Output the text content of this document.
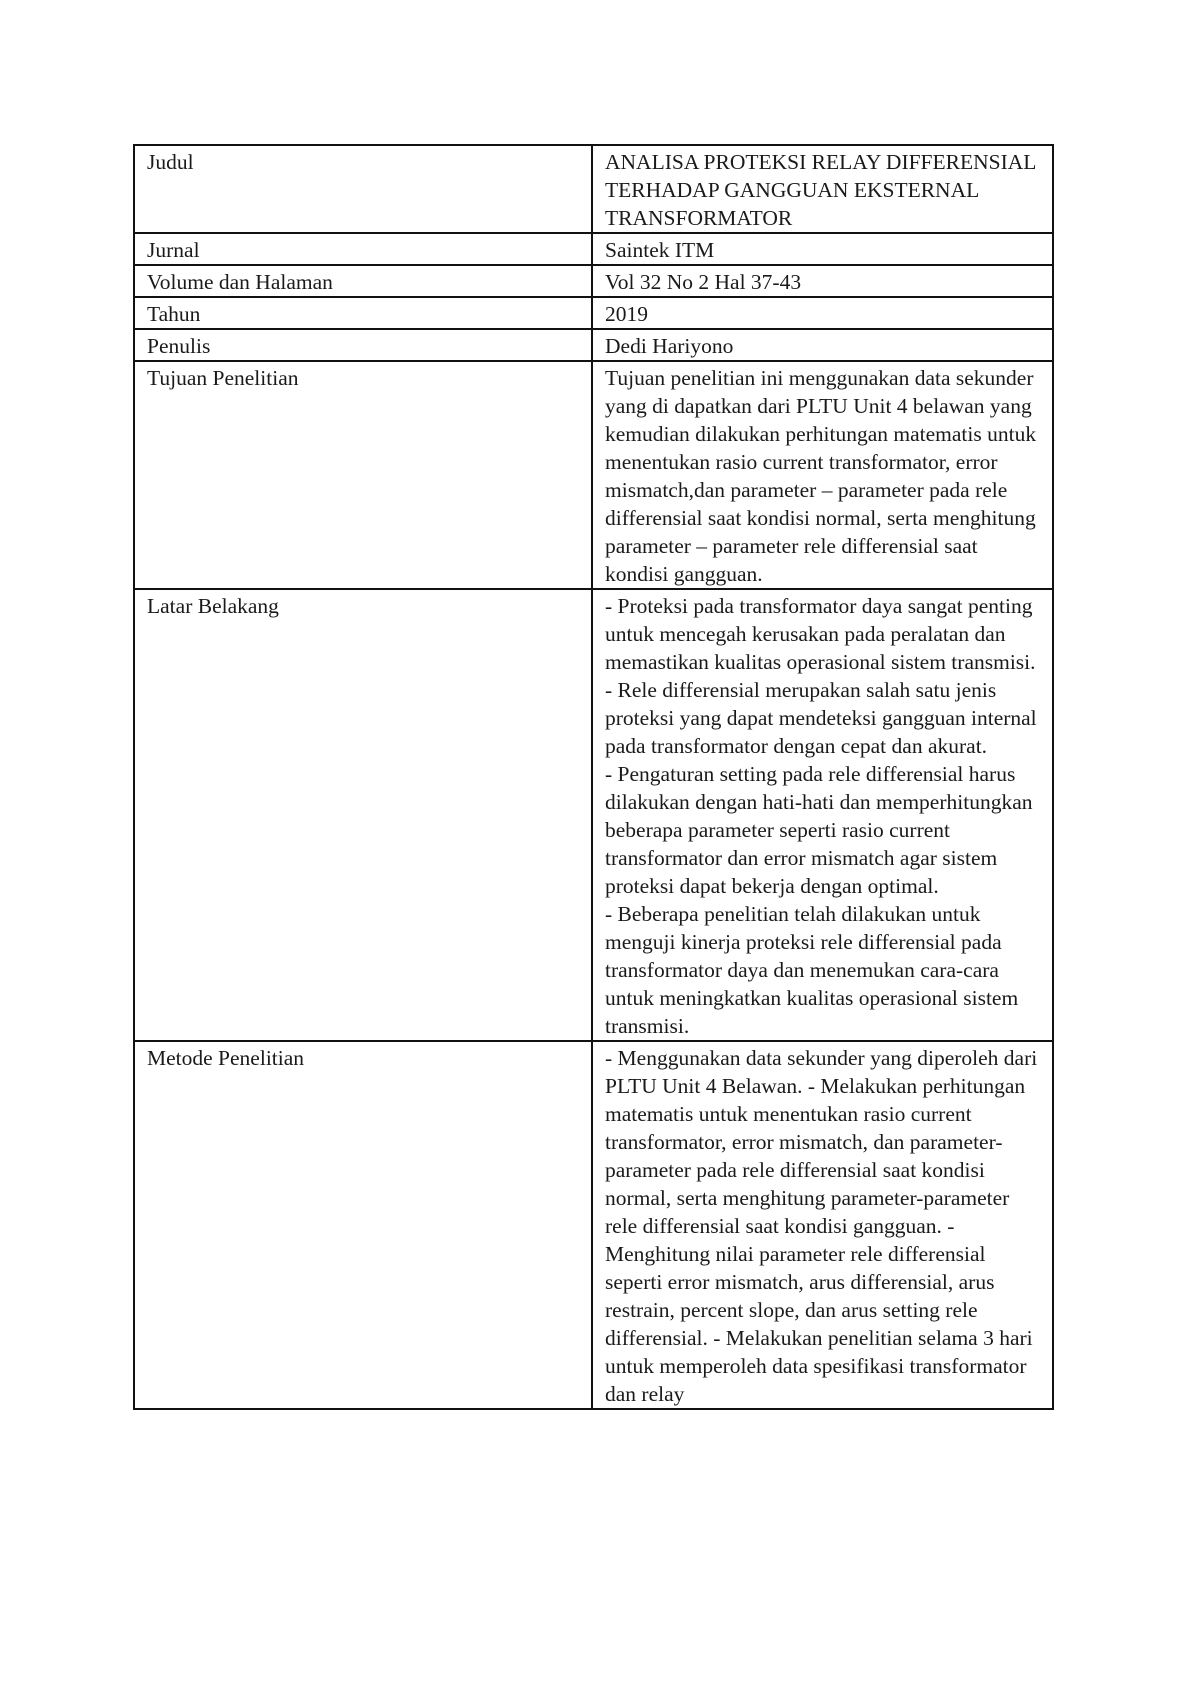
Judul	ANALISA PROTEKSI RELAY DIFFERENSIAL TERHADAP GANGGUAN EKSTERNAL TRANSFORMATOR

Jurnal	Saintek ITM

Volume dan Halaman	Vol 32 No 2 Hal 37-43

Tahun	2019

Penulis	Dedi Hariyono

Tujuan Penelitian	Tujuan penelitian ini menggunakan data sekunder yang di dapatkan dari PLTU Unit 4 belawan yang kemudian dilakukan perhitungan matematis untuk menentukan rasio current transformator, error mismatch,dan parameter – parameter pada rele differensial saat kondisi normal, serta menghitung parameter – parameter rele differensial saat kondisi gangguan.

Latar Belakang	- Proteksi pada transformator daya sangat penting untuk mencegah kerusakan pada peralatan dan memastikan kualitas operasional sistem transmisi.
- Rele differensial merupakan salah satu jenis proteksi yang dapat mendeteksi gangguan internal pada transformator dengan cepat dan akurat.
- Pengaturan setting pada rele differensial harus dilakukan dengan hati-hati dan memperhitungkan beberapa parameter seperti rasio current transformator dan error mismatch agar sistem proteksi dapat bekerja dengan optimal.
- Beberapa penelitian telah dilakukan untuk menguji kinerja proteksi rele differensial pada transformator daya dan menemukan cara-cara untuk meningkatkan kualitas operasional sistem transmisi.

Metode Penelitian	- Menggunakan data sekunder yang diperoleh dari PLTU Unit 4 Belawan. - Melakukan perhitungan matematis untuk menentukan rasio current transformator, error mismatch, dan parameter-parameter pada rele differensial saat kondisi normal, serta menghitung parameter-parameter rele differensial saat kondisi gangguan. - Menghitung nilai parameter rele differensial seperti error mismatch, arus differensial, arus restrain, percent slope, dan arus setting rele differensial. - Melakukan penelitian selama 3 hari untuk memperoleh data spesifikasi transformator dan relay
